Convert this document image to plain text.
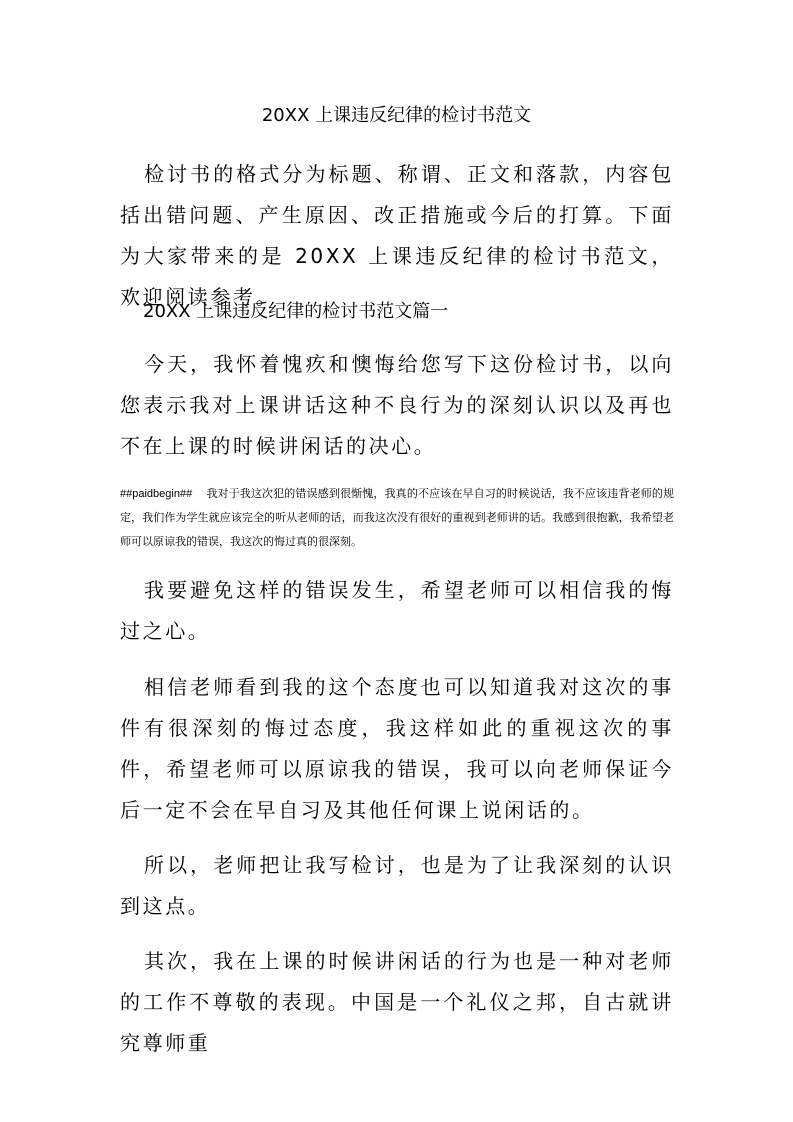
20XX 上课违反纪律的检讨书范文
检讨书的格式分为标题、称谓、正文和落款，内容包括出错问题、产生原因、改正措施或今后的打算。下面为大家带来的是 20XX 上课违反纪律的检讨书范文，欢迎阅读参考。
20XX 上课违反纪律的检讨书范文篇一
今天，我怀着愧疚和懊悔给您写下这份检讨书，以向您表示我对上课讲话这种不良行为的深刻认识以及再也不在上课的时候讲闲话的决心。
##paidbegin## 我对于我这次犯的错误感到很惭愧，我真的不应该在早自习的时候说话，我不应该违背老师的规定，我们作为学生就应该完全的听从老师的话，而我这次没有很好的重视到老师讲的话。我感到很抱歉，我希望老师可以原谅我的错误，我这次的悔过真的很深刻。
我要避免这样的错误发生，希望老师可以相信我的悔过之心。
相信老师看到我的这个态度也可以知道我对这次的事件有很深刻的悔过态度，我这样如此的重视这次的事件，希望老师可以原谅我的错误，我可以向老师保证今后一定不会在早自习及其他任何课上说闲话的。
所以，老师把让我写检讨，也是为了让我深刻的认识到这点。
其次，我在上课的时候讲闲话的行为也是一种对老师的工作不尊敬的表现。中国是一个礼仪之邦，自古就讲究尊师重
